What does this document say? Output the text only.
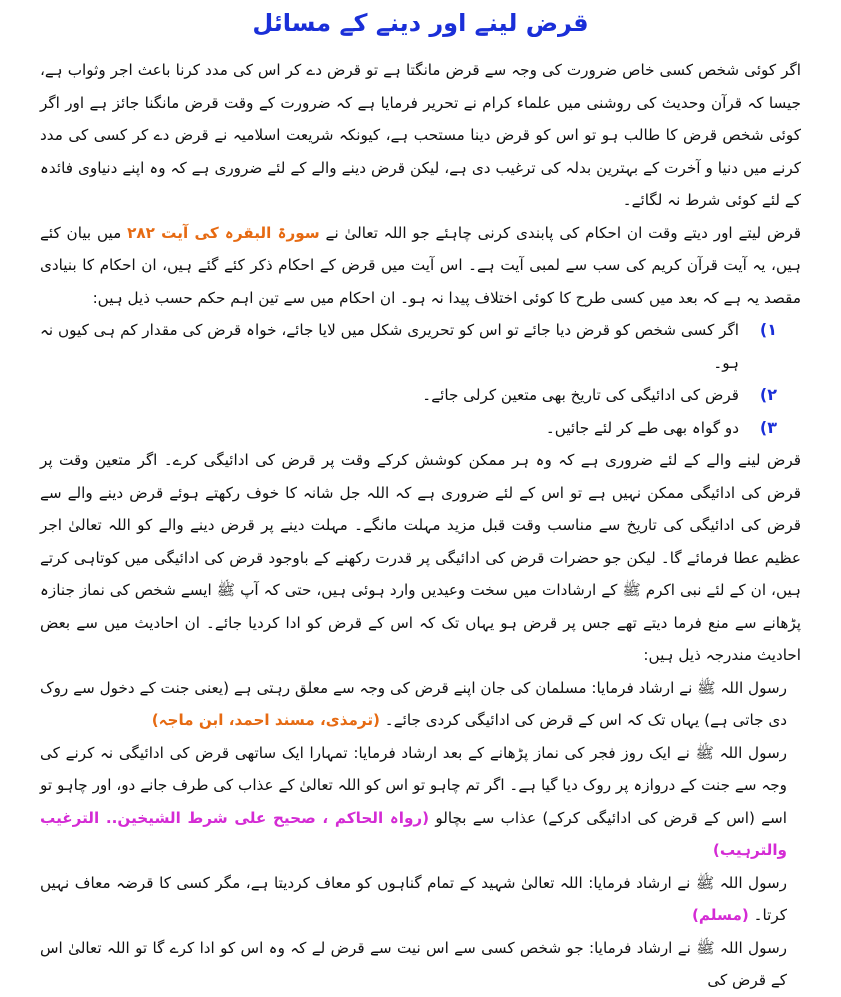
قرض لینے اور دینے کے مسائل

اگر کوئی شخص کسی خاص ضرورت کی وجہ سے قرض مانگتا ہے تو قرض دے کر اس کی مدد کرنا باعث اجر وثواب ہے، جیسا کہ قرآن وحدیث کی روشنی میں علماء کرام نے تحریر فرمایا ہے کہ ضرورت کے وقت قرض مانگنا جائز ہے اور اگر کوئی شخص قرض کا طالب ہو تو اس کو قرض دینا مستحب ہے، کیونکہ شریعت اسلامیہ نے قرض دے کر کسی کی مدد کرنے میں دنیا و آخرت کے بہترین بدلہ کی ترغیب دی ہے، لیکن قرض دینے والے کے لئے ضروری ہے کہ وہ اپنے دنیاوی فائدہ کے لئے کوئی شرط نہ لگائے۔

قرض لیتے اور دیتے وقت ان احکام کی پابندی کرنی چاہئے جو اللہ تعالیٰ نے سورۃ البقرہ کی آیت ۲۸۲ میں بیان کئے ہیں، یہ آیت قرآن کریم کی سب سے لمبی آیت ہے۔ اس آیت میں قرض کے احکام ذکر کئے گئے ہیں، ان احکام کا بنیادی مقصد یہ ہے کہ بعد میں کسی طرح کا کوئی اختلاف پیدا نہ ہو۔ ان احکام میں سے تین اہم حکم حسب ذیل ہیں:

۱)

اگر کسی شخص کو قرض دیا جائے تو اس کو تحریری شکل میں لایا جائے، خواہ قرض کی مقدار کم ہی کیوں نہ ہو۔

۲)

قرض کی ادائیگی کی تاریخ بھی متعین کرلی جائے۔

۳)

دو گواہ بھی طے کر لئے جائیں۔

قرض لینے والے کے لئے ضروری ہے کہ وہ ہر ممکن کوشش کرکے وقت پر قرض کی ادائیگی کرے۔ اگر متعین وقت پر قرض کی ادائیگی ممکن نہیں ہے تو اس کے لئے ضروری ہے کہ اللہ جل شانہ کا خوف رکھتے ہوئے قرض دینے والے سے قرض کی ادائیگی کی تاریخ سے مناسب وقت قبل مزید مہلت مانگے۔ مہلت دینے پر قرض دینے والے کو اللہ تعالیٰ اجر عظیم عطا فرمائے گا۔ لیکن جو حضرات قرض کی ادائیگی پر قدرت رکھنے کے باوجود قرض کی ادائیگی میں کوتاہی کرتے ہیں، ان کے لئے نبی اکرم ﷺ کے ارشادات میں سخت وعیدیں وارد ہوئی ہیں، حتی کہ آپ ﷺ ایسے شخص کی نماز جنازہ پڑھانے سے منع فرما دیتے تھے جس پر قرض ہو یہاں تک کہ اس کے قرض کو ادا کردیا جائے۔ ان احادیث میں سے بعض احادیث مندرجہ ذیل ہیں:

رسول اللہ ﷺ نے ارشاد فرمایا: مسلمان کی جان اپنے قرض کی وجہ سے معلق رہتی ہے (یعنی جنت کے دخول سے روک دی جاتی ہے) یہاں تک کہ اس کے قرض کی ادائیگی کردی جائے۔ (ترمذی، مسند احمد، ابن ماجہ)

رسول اللہ ﷺ نے ایک روز فجر کی نماز پڑھانے کے بعد ارشاد فرمایا: تمہارا ایک ساتھی قرض کی ادائیگی نہ کرنے کی وجہ سے جنت کے دروازہ پر روک دیا گیا ہے۔ اگر تم چاہو تو اس کو اللہ تعالیٰ کے عذاب کی طرف جانے دو، اور چاہو تو اسے (اس کے قرض کی ادائیگی کرکے) عذاب سے بچالو (رواہ الحاکم ، صحیح علی شرط الشیخین.. الترغیب والترہیب)

رسول اللہ ﷺ نے ارشاد فرمایا: اللہ تعالیٰ شہید کے تمام گناہوں کو معاف کردیتا ہے، مگر کسی کا قرضہ معاف نہیں کرتا۔ (مسلم)

رسول اللہ ﷺ نے ارشاد فرمایا: جو شخص کسی سے اس نیت سے قرض لے کہ وہ اس کو ادا کرے گا تو اللہ تعالیٰ اس کے قرض کی
